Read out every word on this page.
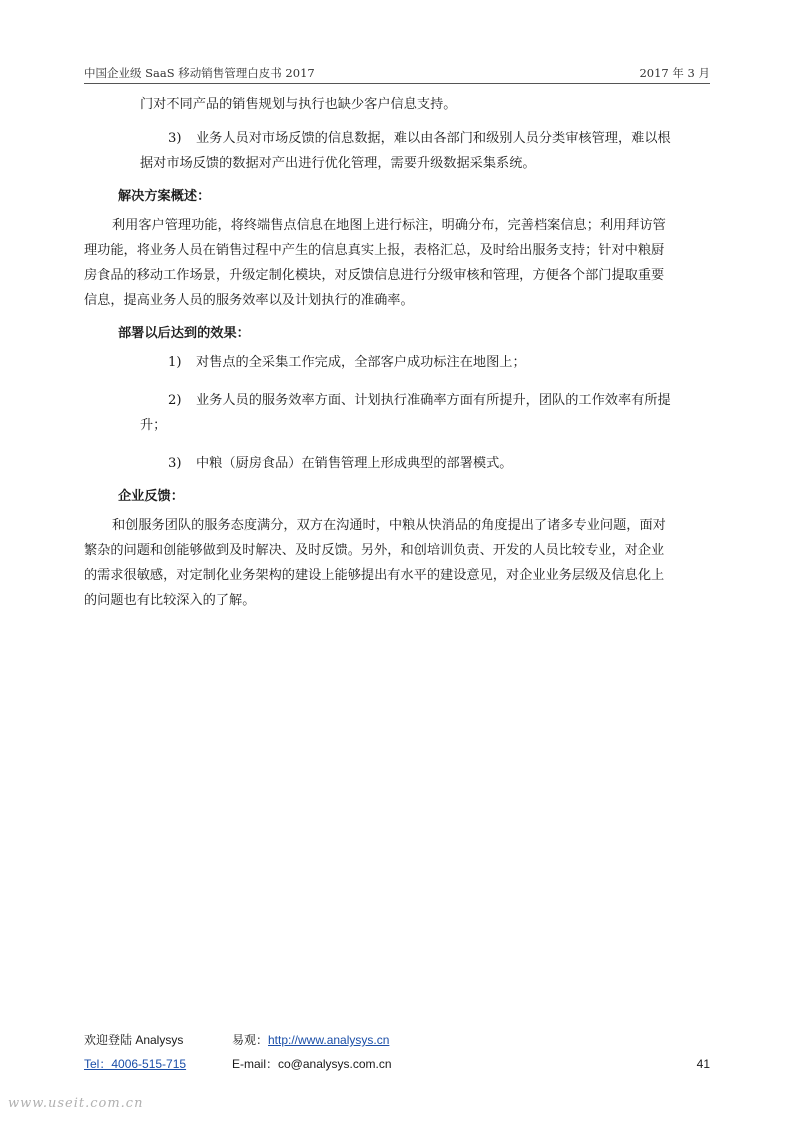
中国企业级 SaaS 移动销售管理白皮书 2017	2017 年 3 月
门对不同产品的销售规划与执行也缺少客户信息支持。
3) 业务人员对市场反馈的信息数据，难以由各部门和级别人员分类审核管理，难以根
据对市场反馈的数据对产出进行优化管理，需要升级数据采集系统。
解决方案概述：
利用客户管理功能，将终端售点信息在地图上进行标注，明确分布，完善档案信息；利用拜访管
理功能，将业务人员在销售过程中产生的信息真实上报，表格汇总，及时给出服务支持；针对中粮厨
房食品的移动工作场景，升级定制化模块，对反馈信息进行分级审核和管理，方便各个部门提取重要
信息，提高业务人员的服务效率以及计划执行的准确率。
部署以后达到的效果：
1) 对售点的全采集工作完成，全部客户成功标注在地图上；
2) 业务人员的服务效率方面、计划执行准确率方面有所提升，团队的工作效率有所提
升；
3) 中粮（厨房食品）在销售管理上形成典型的部署模式。
企业反馈：
和创服务团队的服务态度满分，双方在沟通时，中粮从快消品的角度提出了诸多专业问题，面对
繁杂的问题和创能够做到及时解决、及时反馈。另外，和创培训负责、开发的人员比较专业，对企业
的需求很敏感，对定制化业务架构的建设上能够提出有水平的建设意见，对企业业务层级及信息化上
的问题也有比较深入的了解。
欢迎登陆 Analysys	易观： http://www.analysys.cn
Tel：4006-515-715	E-mail：co@analysys.com.cn	41
www.useit.com.cn
